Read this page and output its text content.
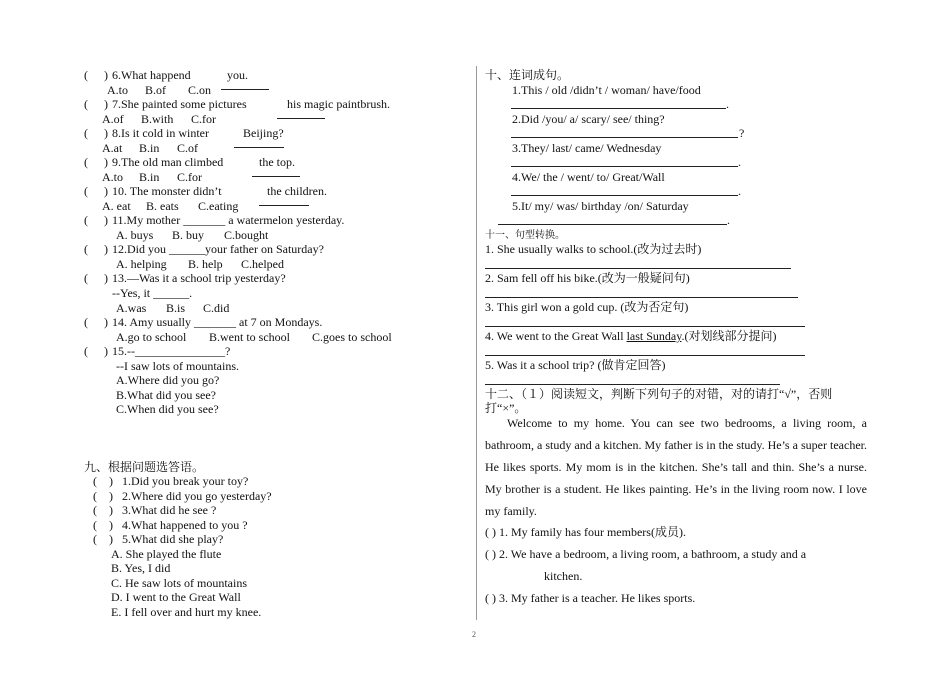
( ) 6.What happend	you.
A.to B.of C.on
( ) 7.She painted some pictures	his magic paintbrush.
A.of B.with C.for
( ) 8.Is it cold in winter	Beijing?
A.at B.in C.of
( ) 9.The old man climbed	the top.
A.to B.in C.for
( ) 10. The monster didn’t	the children.
A. eat B. eats C.eating
( ) 11.My mother _______ a watermelon yesterday.
A. buys B. buy C.bought
( ) 12.Did you ______your father on Saturday?
A. helping B. help C.helped
( ) 13.—Was it a school trip yesterday?
--Yes, it ______.
A.was B.is C.did
( ) 14. Amy usually _______ at 7 on Mondays.
A.go to school B.went to school C.goes to school
( ) 15.--_______________?
--I saw lots of mountains.
A.Where did you go?
B.What did you see?
C.When did you see?
九、根据问题选答语。
(    ) 1.Did you break your toy?
(    ) 2.Where did you go yesterday?
(    ) 3.What did he see ?
(    ) 4.What happened to you ?
(    ) 5.What did she play?
A. She played the flute
B. Yes, I did
C. He saw lots of mountains
D. I went to the Great Wall
E. I fell over and hurt my knee.
十、连词成句。
1.This / old /didn’t / woman/ have/food
.
2.Did /you/ a/ scary/ see/ thing?
?
3.They/ last/ came/ Wednesday
.
4.We/ the / went/ to/ Great/Wall
.
5.It/ my/ was/ birthday /on/ Saturday
.
十一、句型转换。
1. She usually walks to school.(改为过去时)
2. Sam fell off his bike.(改为一般疑问句)
3. This girl won a gold cup. (改为否定句)
4. We went to the Great Wall last Sunday.(对划线部分提问)
5. Was it a school trip? (做肯定回答)
十二、（１）阅读短文，判断下列句子的对错，对的请打“√”，否则
打“×”。
Welcome to my home. You can see two bedrooms, a living room, a bathroom, a study and a kitchen. My father is in the study. He’s a super teacher. He likes sports. My mom is in the kitchen. She’s tall and thin. She’s a nurse. My brother is a student. He likes painting. He’s in the living room now. I love my family.
( ) 1. My family has four members(成员).
( ) 2. We have a bedroom, a living room, a bathroom, a study and a
kitchen.
( ) 3. My father is a teacher. He likes sports.
2
